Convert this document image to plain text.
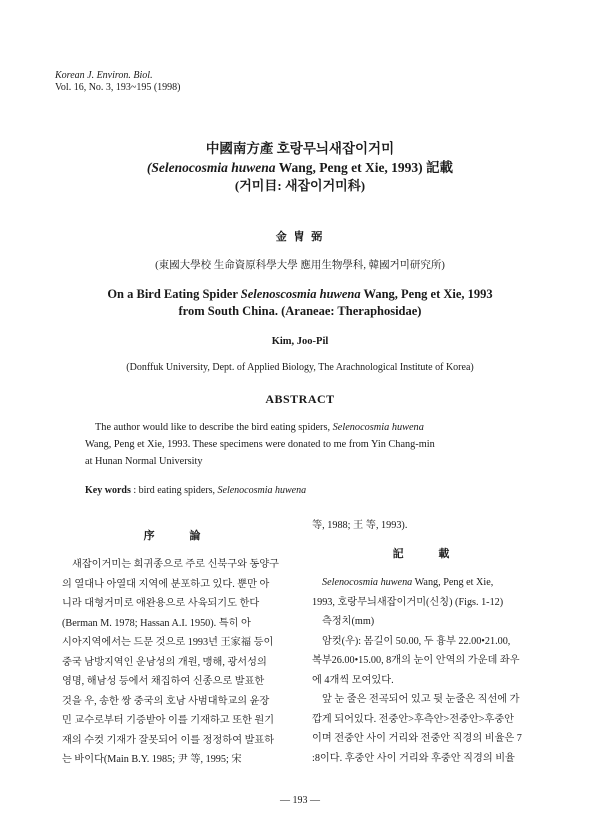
Korean J. Environ. Biol.
Vol. 16, No. 3, 193~195 (1998)
中國南方產 호랑무늬새잡이거미
(Selenocosmia huwena Wang, Peng et Xie, 1993) 記載
(거미目: 새잡이거미科)
金 冑 弼
(東國大學校 生命資原科學大學 應用生物學科, 韓國거미研究所)
On a Bird Eating Spider Selenoscosmia huwena Wang, Peng et Xie, 1993
from South China. (Araneae: Theraphosidae)
Kim, Joo-Pil
(Donffuk University, Dept. of Applied Biology, The Arachnological Institute of Korea)
ABSTRACT
The author would like to describe the bird eating spiders, Selenocosmia huwena
Wang, Peng et Xie, 1993. These specimens were donated to me from Yin Chang-min
at Hunan Normal University
Key words : bird eating spiders, Selenocosmia huwena
序 論
새잡이거미는 희귀종으로 주로 신북구와 동양구
의 열대나 아열대 지역에 분포하고 있다. 뿐만 아
니라 대형거미로 애완용으로 사육되기도 한다
(Berman M. 1978; Hassan A.I. 1950). 특히 아
시아지역에서는 드문 것으로 1993년 王家福 등이
중국 남방지역인 운남성의 개원, 맹해, 광서성의
영명, 해남성 등에서 채집하여 신종으로 발표한
것을 우, 송한 쌍 중국의 호남 사범대학교의 윤장
민 교수로부터 기증받아 이를 기재하고 또한 원기
재의 수컷 기재가 잘못되어 이를 정정하여 발표하
는 바이다(Main B.Y. 1985; 尹 等, 1995; 宋
等, 1988; 王 等, 1993).
記 載
Selenocosmia huwena Wang, Peng et Xie,
1993, 호랑무늬새잡이거미(신칭) (Figs. 1-12)
측정치(mm)
암컷(우): 몸길이 50.00, 두 흉부 22.00•21.00,
복부26.00•15.00, 8개의 눈이 안역의 가운데 좌우
에 4개씩 모여있다.
앞 눈 줄은 전곡되어 있고 뒷 눈줄은 직선에 가
깝게 되어있다. 전중안>후측안>전중안>후중안
이며 전중안 사이 거리와 전중안 직경의 비율은 7
:8이다. 후중안 사이 거리와 후중안 직경의 비율
— 193 —
